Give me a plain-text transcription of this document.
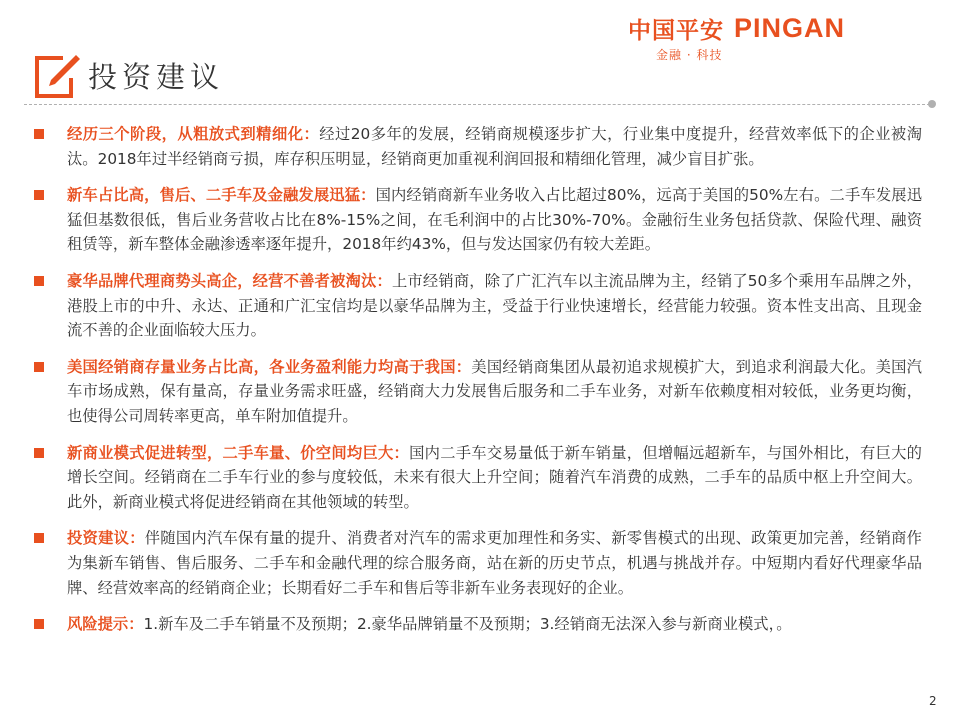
中国平安 PINGAN
金融 · 科技
投资建议
经历三个阶段，从粗放式到精细化：经过20多年的发展，经销商规模逐步扩大，行业集中度提升，经营效率低下的企业被淘汰。2018年过半经销商亏损，库存积压明显，经销商更加重视利润回报和精细化管理，减少盲目扩张。
新车占比高，售后、二手车及金融发展迅猛：国内经销商新车业务收入占比超过80%，远高于美国的50%左右。二手车发展迅猛但基数很低，售后业务营收占比在8%-15%之间，在毛利润中的占比30%-70%。金融衍生业务包括贷款、保险代理、融资租赁等，新车整体金融渗透率逐年提升，2018年约43%，但与发达国家仍有较大差距。
豪华品牌代理商势头高企，经营不善者被淘汰：上市经销商，除了广汇汽车以主流品牌为主，经销了50多个乘用车品牌之外，港股上市的中升、永达、正通和广汇宝信均是以豪华品牌为主，受益于行业快速增长，经营能力较强。资本性支出高、且现金流不善的企业面临较大压力。
美国经销商存量业务占比高，各业务盈利能力均高于我国：美国经销商集团从最初追求规模扩大，到追求利润最大化。美国汽车市场成熟，保有量高，存量业务需求旺盛，经销商大力发展售后服务和二手车业务，对新车依赖度相对较低，业务更均衡，也使得公司周转率更高，单车附加值提升。
新商业模式促进转型，二手车量、价空间均巨大：国内二手车交易量低于新车销量，但增幅远超新车，与国外相比，有巨大的增长空间。经销商在二手车行业的参与度较低，未来有很大上升空间；随着汽车消费的成熟，二手车的品质中枢上升空间大。此外，新商业模式将促进经销商在其他领域的转型。
投资建议：伴随国内汽车保有量的提升、消费者对汽车的需求更加理性和务实、新零售模式的出现、政策更加完善，经销商作为集新车销售、售后服务、二手车和金融代理的综合服务商，站在新的历史节点，机遇与挑战并存。中短期内看好代理豪华品牌、经营效率高的经销商企业；长期看好二手车和售后等非新车业务表现好的企业。
风险提示：1.新车及二手车销量不及预期；2.豪华品牌销量不及预期；3.经销商无法深入参与新商业模式，。
2
